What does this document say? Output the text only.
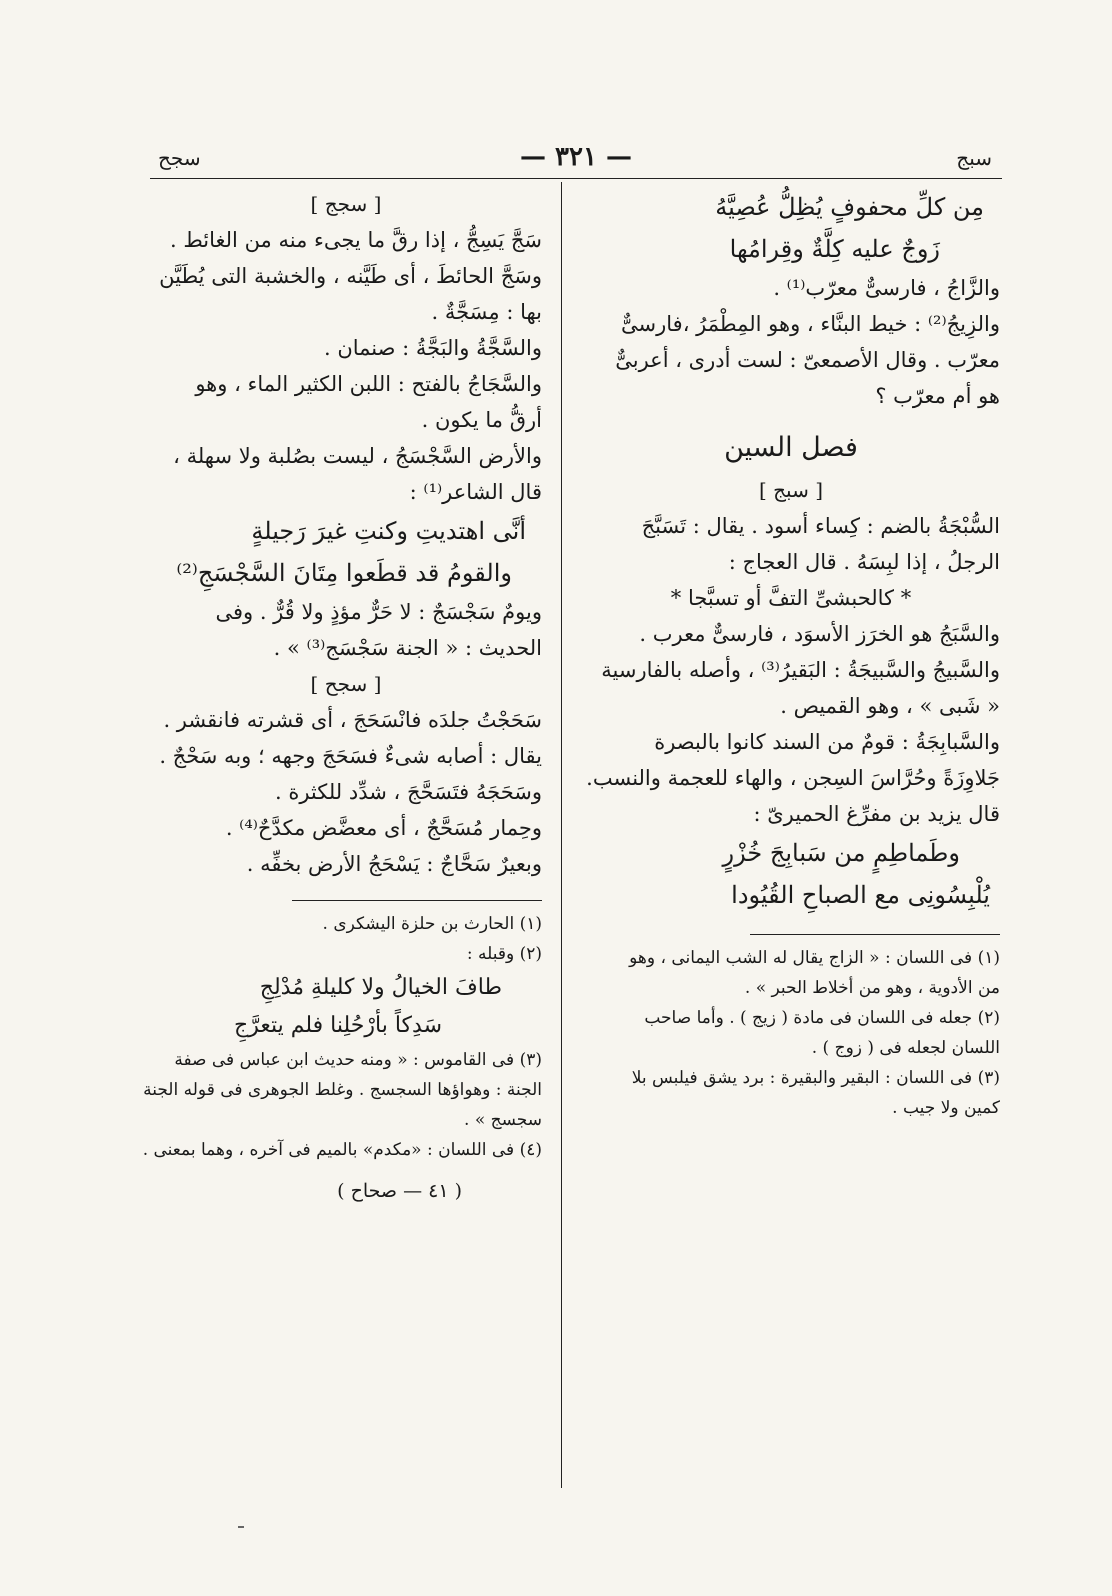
سبج
— ٣٢١ —
سجح

مِن كلِّ محفوفٍ يُظِلُّ عُصِيَّهُ

زَوجٌ عليه كِلَّةٌ وقِرامُها

والزَّاجُ ، فارسىٌّ معرّب⁽¹⁾ .

والزِيجُ⁽²⁾ : خيط البنَّاء ، وهو المِطْمَرُ ،فارسىٌّ

معرّب . وقال الأصمعىّ : لست أدرى ، أعربىٌّ

هو أم معرّب ؟

فصل السين

[ سبج ]

السُّبْجَةُ بالضم : كِساء أسود . يقال : تَسَبَّجَ

الرجلُ ، إذا لبِسَهُ . قال العجاج :

* كالحبشىِّ التفَّ أو تسبَّجا *

والسَّبَجُ هو الخرَز الأسوَد ، فارسىٌّ معرب .

والسَّبيجُ والسَّبيجَةُ : البَقيرُ⁽³⁾ ، وأصله بالفارسية

« شَبى » ، وهو القميص .

والسَّبابِجَةُ : قومٌ من السند كانوا بالبصرة

جَلاوِزَةً وحُرَّاسَ السِجن ، والهاء للعجمة والنسب.

قال يزيد بن مفرِّغ الحميرىّ :

وطَماطِمٍ من سَبابِجَ خُزْرٍ

يُلْبِسُونِى مع الصباحِ القُيُودا

(١) فى اللسان : « الزاج يقال له الشب اليمانى ، وهو

من الأدوية ، وهو من أخلاط الحبر » .

(٢) جعله فى اللسان فى مادة ( زيج ) . وأما صاحب

اللسان لجعله فى ( زوج ) .

(٣) فى اللسان : البقير والبقيرة : برد يشق فيلبس بلا

كمين ولا جيب .

[ سجج ]

سَجَّ يَسِجُّ ، إذا رقَّ ما يجىء منه من الغائط .

وسَجَّ الحائطَ ، أى طَيَّنه ، والخشبة التى يُطَيَّن

بها : مِسَجَّةٌ .

والسَّجَّةُ والبَجَّةُ : صنمان .

والسَّجَاجُ بالفتح : اللبن الكثير الماء ، وهو

أرقُّ ما يكون .

والأرض السَّجْسَجُ ، ليست بصُلبة ولا سهلة ،

قال الشاعر⁽¹⁾ :

أنَّى اهتديتِ وكنتِ غيرَ رَجيلةٍ

والقومُ قد قطَعوا مِتَانَ السَّجْسَجِ⁽²⁾

ويومٌ سَجْسَجٌ : لا حَرٌّ مؤذٍ ولا قُرٌّ . وفى

الحديث : « الجنة سَجْسَج⁽³⁾ » .

[ سجح ]

سَحَجْتُ جلدَه فانْسَحَجَ ، أى قشرته فانقشر .

يقال : أصابه شىءٌ فسَحَجَ وجهه ؛ وبه سَحْجٌ .

وسَحَجَهُ فتَسَحَّجَ ، شدِّد للكثرة .

وحِمار مُسَحَّجٌ ، أى معضَّض مكدَّحٌ⁽⁴⁾ .

وبعيرٌ سَحَّاجٌ : يَسْحَجُ الأرض بخفِّه .

(١) الحارث بن حلزة اليشكرى .

(٢) وقبله :

طافَ الخيالُ ولا كليلةِ مُدْلِجِ

سَدِكاً بأرْحُلِنا فلم يتعرَّجِ

(٣) فى القاموس : « ومنه حديث ابن عباس فى صفة

الجنة : وهواؤها السجسج . وغلط الجوهرى فى قوله الجنة

سجسج » .

(٤) فى اللسان : «مكدم» بالميم فى آخره ، وهما بمعنى .

( ٤١ — صحاح )
